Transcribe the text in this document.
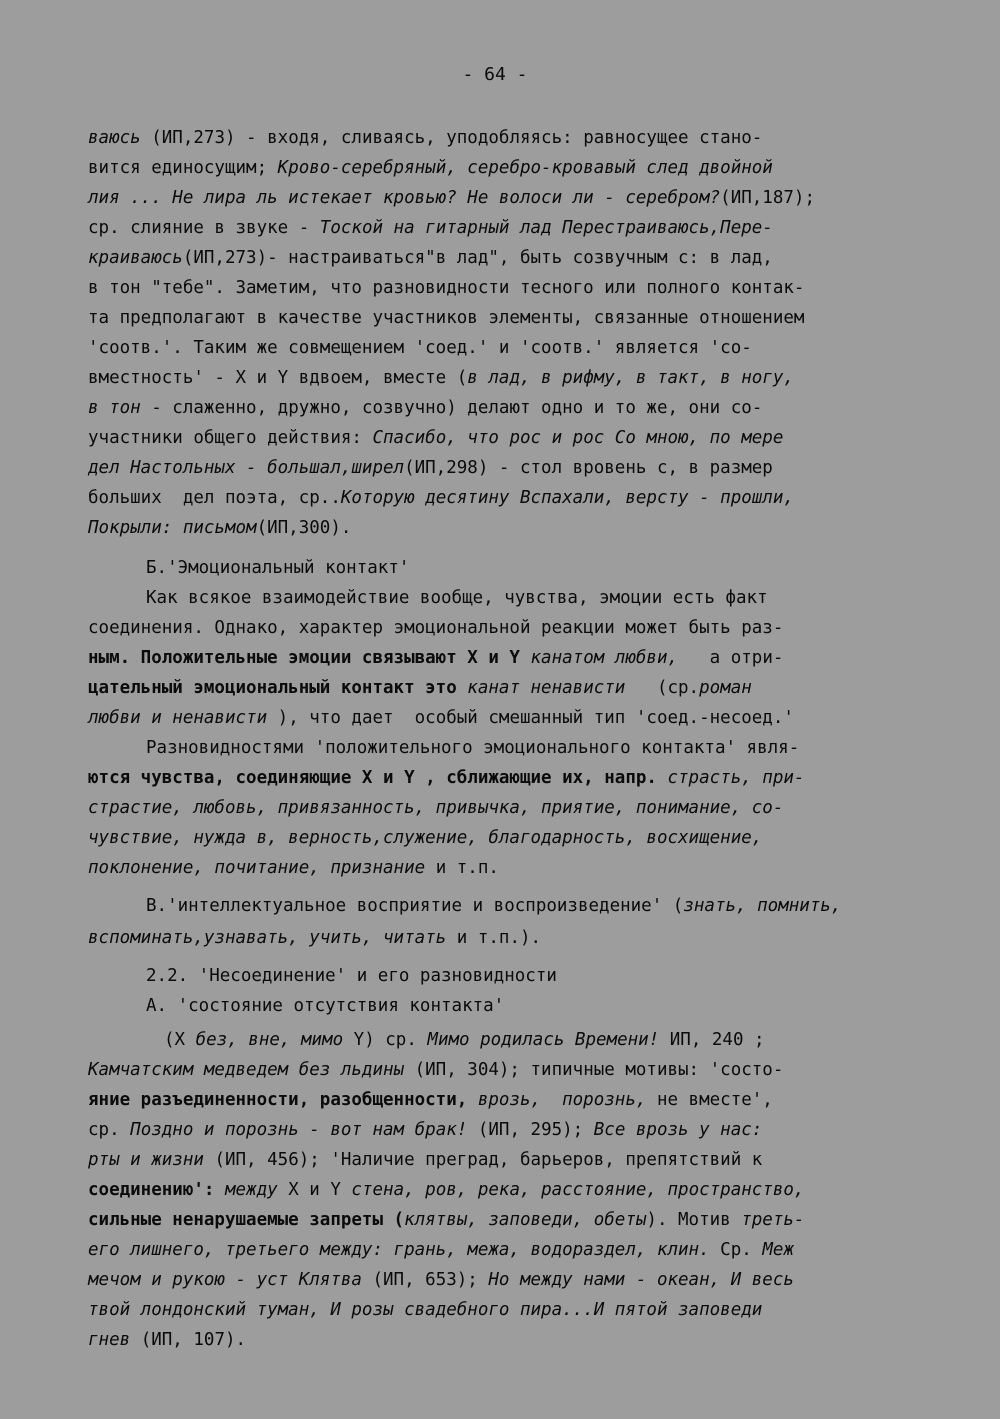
- 64 -
ваюсь (ИП,273) - входя, сливаясь, уподобляясь: равносущее стано-
вится единосущим; Крово-серебряный, серебро-кровавый след двойной
лия ... Не лира ль истекает кровью? Не волоси ли - серебром?(ИП,187);
ср. слияние в звуке - Тоской на гитарный лад Перестраиваюсь,Пере-
краиваюсь(ИП,273)- настраиваться"в лад", быть созвучным с: в лад,
в тон "тебе". Заметим, что разновидности тесного или полного контак-
та предполагают в качестве участников элементы, связанные отношением
'соотв.'. Таким же совмещением 'соед.' и 'соотв.' является 'со-
вместность' - X и Y вдвоем, вместе (в лад, в рифму, в такт, в ногу,
в тон - слаженно, дружно, созвучно) делают одно и то же, они со-
участники общего действия: Спасибо, что рос и рос Со мною, по мере
дел Настольных - большал,ширел(ИП,298) - стол вровень с, в размер
больших  дел поэта, ср..Которую десятину Вспахали, версту - прошли,
Покрыли: письмом(ИП,300).
Б.'Эмоциональный контакт'
Как всякое взаимодействие вообще, чувства, эмоции есть факт
соединения. Однако, характер эмоциональной реакции может быть раз-
ным. Положительные эмоции связывают X и Y канатом любви,   а отри-
цательный эмоциональный контакт это канат ненависти   (ср.роман
любви и ненависти ), что дает  особый смешанный тип 'соед.-несоед.'
Разновидностями 'положительного эмоционального контакта' явля-
ются чувства, соединяющие X и Y , сближающие их, напр. страсть, при-
страстие, любовь, привязанность, привычка, приятие, понимание, со-
чувствие, нужда в, верность,служение, благодарность, восхищение,
поклонение, почитание, признание и т.п.
В.'интеллектуальное восприятие и воспроизведение' (знать, помнить,
вспоминать,узнавать, учить, читать и т.п.).
2.2. 'Несоединение' и его разновидности
А. 'состояние отсутствия контакта'
(X без, вне, мимо Y) ср. Мимо родилась Времени! ИП, 240 ;
Камчатским медведем без льдины (ИП, 304); типичные мотивы: 'состо-
яние разъединенности, разобщенности, врозь,  порознь, не вместе',
ср. Поздно и порознь - вот нам брак! (ИП, 295); Все врозь у нас:
рты и жизни (ИП, 456); 'Наличие преград, барьеров, препятствий к
соединению': между X и Y стена, ров, река, расстояние, пространство,
сильные ненарушаемые запреты (клятвы, заповеди, обеты). Мотив треть-
его лишнего, третьего между: грань, межа, водораздел, клин. Ср. Меж
мечом и рукою - уст Клятва (ИП, 653); Но между нами - океан, И весь
твой лондонский туман, И розы свадебного пира...И пятой заповеди
гнев (ИП, 107).
